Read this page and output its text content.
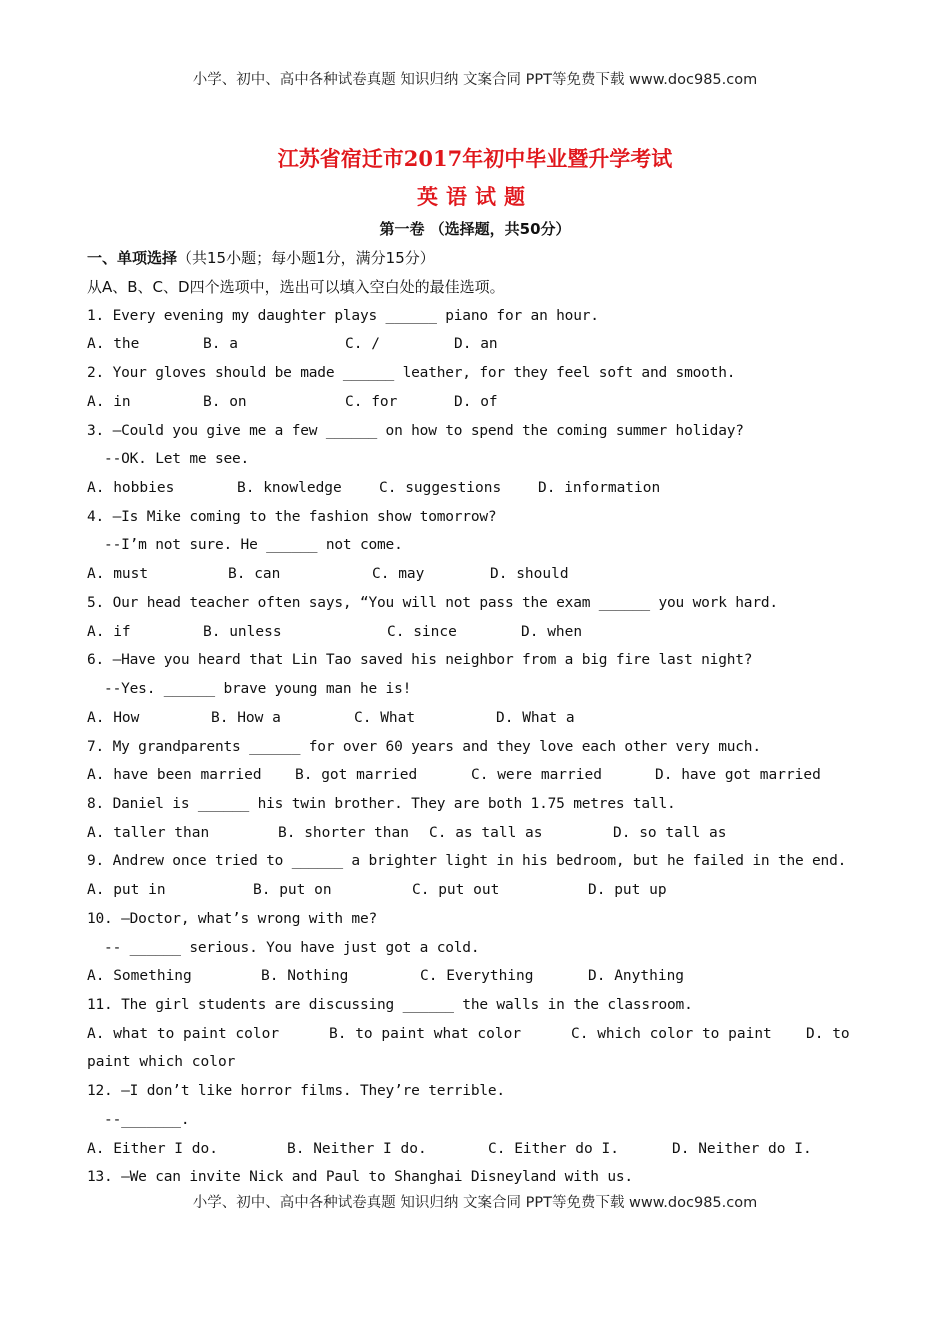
小学、初中、高中各种试卷真题 知识归纳 文案合同 PPT等免费下载 www.doc985.com
江苏省宿迁市2017年初中毕业暨升学考试
英语试题
第一卷 （选择题，共50分）
一、单项选择（共15小题；每小题1分，满分15分）
从A、B、C、D四个选项中，选出可以填入空白处的最佳选项。
1. Every evening my daughter plays ______ piano for an hour.
A. the	B. a	C. /	D. an
2. Your gloves should be made ______ leather, for they feel soft and smooth.
A. in	B. on	C. for	D. of
3. –Could you give me a few ______ on how to spend the coming summer holiday?
--OK. Let me see.
A. hobbies	B. knowledge	C. suggestions	D. information
4. –Is Mike coming to the fashion show tomorrow?
--I’m not sure. He ______ not come.
A. must	B. can	C. may	D. should
5. Our head teacher often says, “You will not pass the exam ______ you work hard.
A. if	B. unless	C. since	D. when
6. –Have you heard that Lin Tao saved his neighbor from a big fire last night?
--Yes. ______ brave young man he is!
A. How	B. How a	C. What	D. What a
7. My grandparents ______ for over 60 years and they love each other very much.
A. have been married B. got married	C. were married	D. have got married
8. Daniel is ______ his twin brother. They are both 1.75 metres tall.
A. taller than	B. shorter than C. as tall as	D. so tall as
9. Andrew once tried to ______ a brighter light in his bedroom, but he failed in the end.
A. put in	B. put on	C. put out	D. put up
10. –Doctor, what’s wrong with me?
-- ______ serious. You have just got a cold.
A. Something	B. Nothing	C. Everything	D. Anything
11. The girl students are discussing ______ the walls in the classroom.
A. what to paint color	B. to paint what color	C. which color to paint D. to
paint which color
12. –I don’t like horror films. They’re terrible.
--_______.
A. Either I do.	B. Neither I do.	C. Either do I.	D. Neither do I.
13. –We can invite Nick and Paul to Shanghai Disneyland with us.
小学、初中、高中各种试卷真题 知识归纳 文案合同 PPT等免费下载 www.doc985.com
